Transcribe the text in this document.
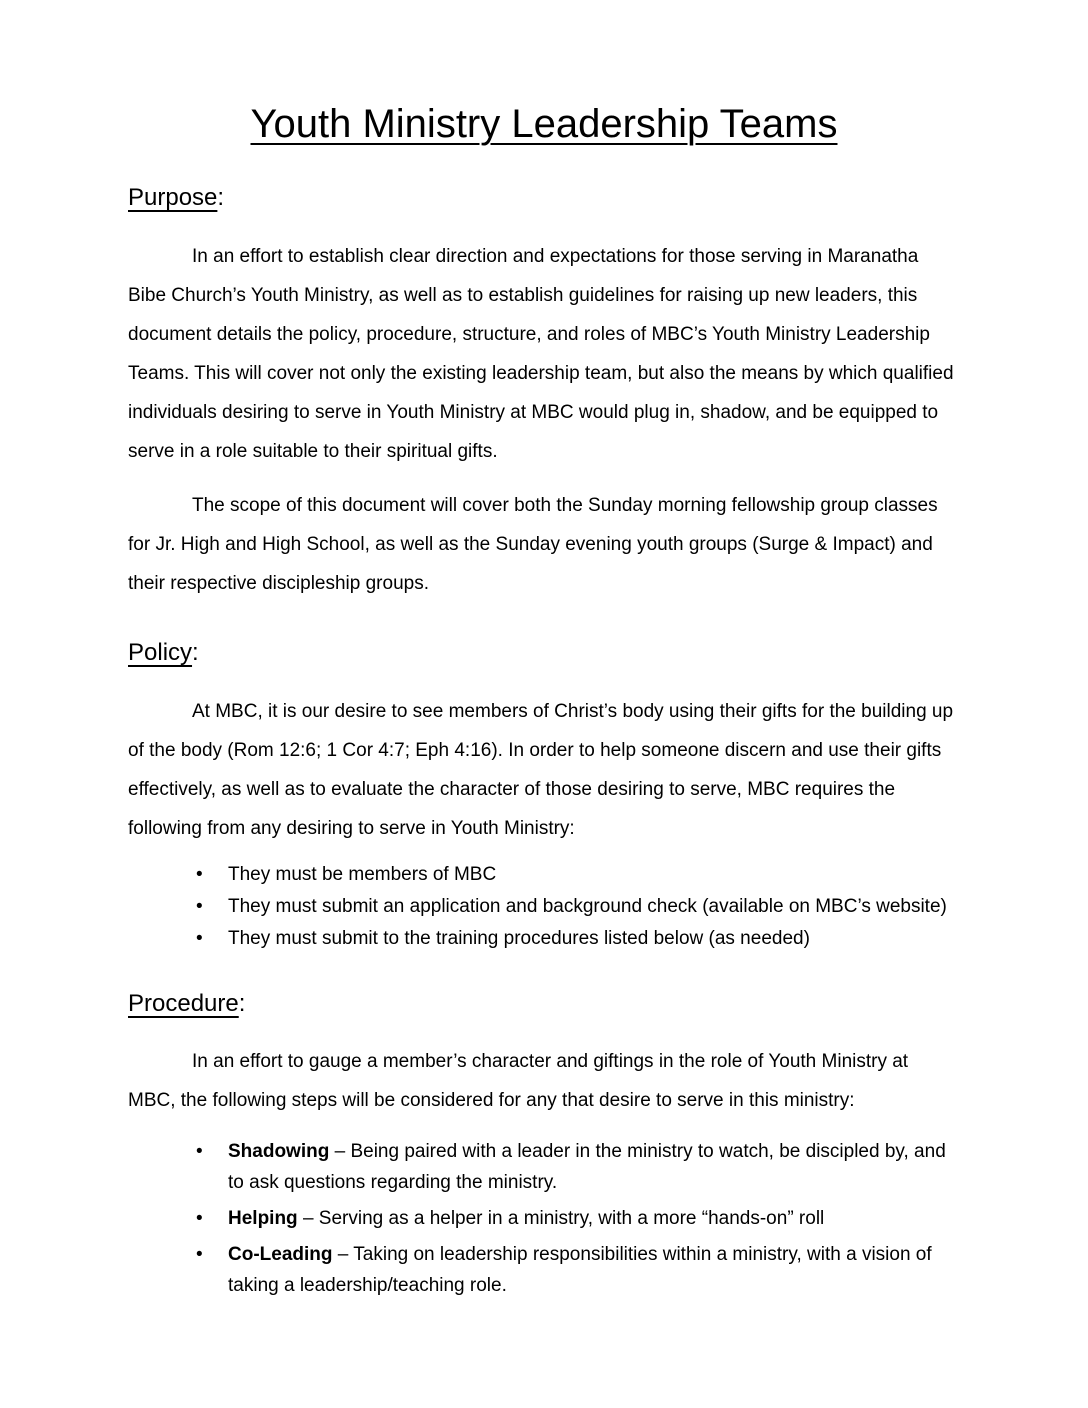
Youth Ministry Leadership Teams
Purpose:

In an effort to establish clear direction and expectations for those serving in Maranatha Bibe Church’s Youth Ministry, as well as to establish guidelines for raising up new leaders, this document details the policy, procedure, structure, and roles of MBC’s Youth Ministry Leadership Teams. This will cover not only the existing leadership team, but also the means by which qualified individuals desiring to serve in Youth Ministry at MBC would plug in, shadow, and be equipped to serve in a role suitable to their spiritual gifts.

The scope of this document will cover both the Sunday morning fellowship group classes for Jr. High and High School, as well as the Sunday evening youth groups (Surge & Impact) and their respective discipleship groups.

Policy:

At MBC, it is our desire to see members of Christ’s body using their gifts for the building up of the body (Rom 12:6; 1 Cor 4:7; Eph 4:16). In order to help someone discern and use their gifts effectively, as well as to evaluate the character of those desiring to serve, MBC requires the following from any desiring to serve in Youth Ministry:

• They must be members of MBC
• They must submit an application and background check (available on MBC’s website)
• They must submit to the training procedures listed below (as needed)
Procedure:

In an effort to gauge a member’s character and giftings in the role of Youth Ministry at MBC, the following steps will be considered for any that desire to serve in this ministry:

• Shadowing – Being paired with a leader in the ministry to watch, be discipled by, and to ask questions regarding the ministry.
• Helping – Serving as a helper in a ministry, with a more “hands-on” roll
• Co-Leading – Taking on leadership responsibilities within a ministry, with a vision of taking a leadership/teaching role.
